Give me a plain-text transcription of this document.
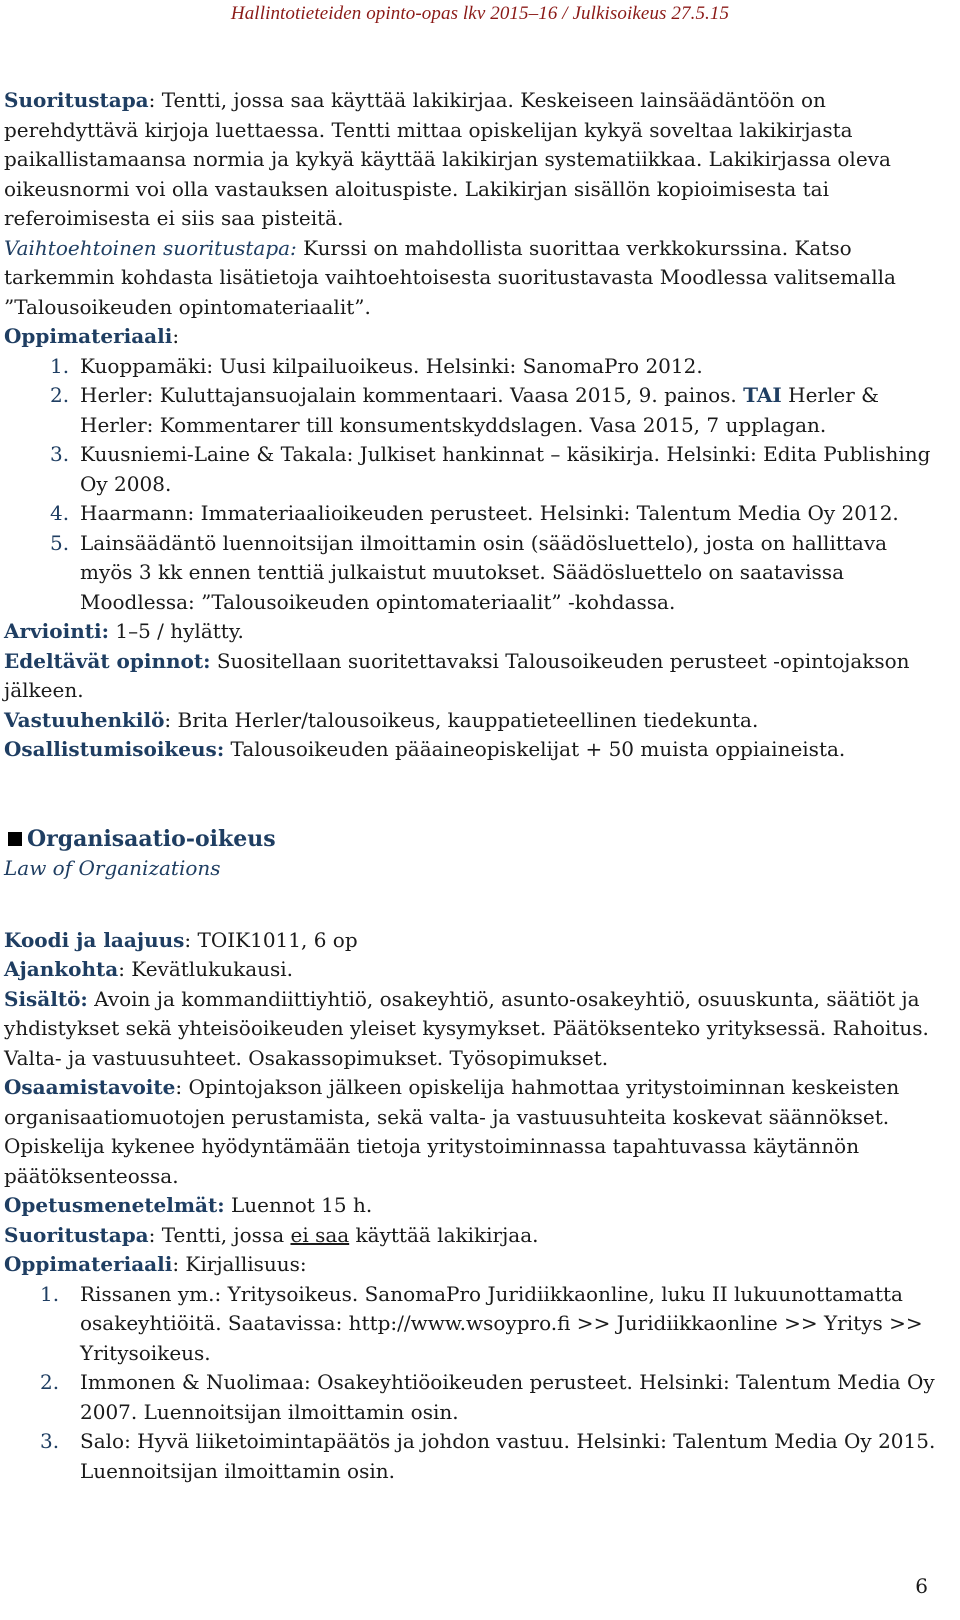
Hallintotieteiden opinto-opas lkv 2015–16 / Julkisoikeus 27.5.15

Suoritustapa: Tentti, jossa saa käyttää lakikirjaa. Keskeiseen lainsäädäntöön on perehdyttävä kirjoja luettaessa. Tentti mittaa opiskelijan kykyä soveltaa lakikirjasta paikallistamaansa normia ja kykyä käyttää lakikirjan systematiikkaa. Lakikirjassa oleva oikeusnormi voi olla vastauksen aloituspiste. Lakikirjan sisällön kopioimisesta tai referoimisesta ei siis saa pisteitä.

Vaihtoehtoinen suoritustapa: Kurssi on mahdollista suorittaa verkkokurssina. Katso tarkemmin kohdasta lisätietoja vaihtoehtoisesta suoritustavasta Moodlessa valitsemalla ”Talousoikeuden opintomateriaalit”.

Oppimateriaali:

1. Kuoppamäki: Uusi kilpailuoikeus. Helsinki: SanomaPro 2012.
2. Herler: Kuluttajansuojalain kommentaari. Vaasa 2015, 9. painos. TAI Herler & Herler: Kommentarer till konsumentskyddslagen. Vasa 2015, 7 upplagan.
3. Kuusniemi-Laine & Takala: Julkiset hankinnat – käsikirja. Helsinki: Edita Publishing Oy 2008.
4. Haarmann: Immateriaalioikeuden perusteet. Helsinki: Talentum Media Oy 2012.
5. Lainsäädäntö luennoitsijan ilmoittamin osin (säädösluettelo), josta on hallittava myös 3 kk ennen tenttiä julkaistut muutokset. Säädösluettelo on saatavissa Moodlessa: ”Talousoikeuden opintomateriaalit” -kohdassa.

Arviointi: 1–5 / hylätty.

Edeltävät opinnot: Suositellaan suoritettavaksi Talousoikeuden perusteet -opintojakson jälkeen.

Vastuuhenkilö: Brita Herler/talousoikeus, kauppatieteellinen tiedekunta.

Osallistumisoikeus: Talousoikeuden pääaineopiskelijat + 50 muista oppiaineista.

Organisaatio-oikeus

Law of Organizations

Koodi ja laajuus: TOIK1011, 6 op

Ajankohta: Kevätlukukausi.

Sisältö: Avoin ja kommandiittiyhtiö, osakeyhtiö, asunto-osakeyhtiö, osuuskunta, säätiöt ja yhdistykset sekä yhteisöoikeuden yleiset kysymykset. Päätöksenteko yrityksessä. Rahoitus. Valta- ja vastuusuhteet. Osakassopimukset. Työsopimukset.

Osaamistavoite: Opintojakson jälkeen opiskelija hahmottaa yritystoiminnan keskeisten organisaatiomuotojen perustamista, sekä valta- ja vastuusuhteita koskevat säännökset. Opiskelija kykenee hyödyntämään tietoja yritystoiminnassa tapahtuvassa käytännön päätöksenteossa.

Opetusmenetelmät: Luennot 15 h.

Suoritustapa: Tentti, jossa ei saa käyttää lakikirjaa.

Oppimateriaali: Kirjallisuus:

1. Rissanen ym.: Yritysoikeus. SanomaPro Juridiikkaonline, luku II lukuunottamatta osakeyhtiöitä. Saatavissa: http://www.wsoypro.fi >> Juridiikkaonline >> Yritys >> Yritysoikeus.
2. Immonen & Nuolimaa: Osakeyhtiöoikeuden perusteet. Helsinki: Talentum Media Oy 2007. Luennoitsijan ilmoittamin osin.
3. Salo: Hyvä liiketoimintapäätös ja johdon vastuu. Helsinki: Talentum Media Oy 2015. Luennoitsijan ilmoittamin osin.
6
